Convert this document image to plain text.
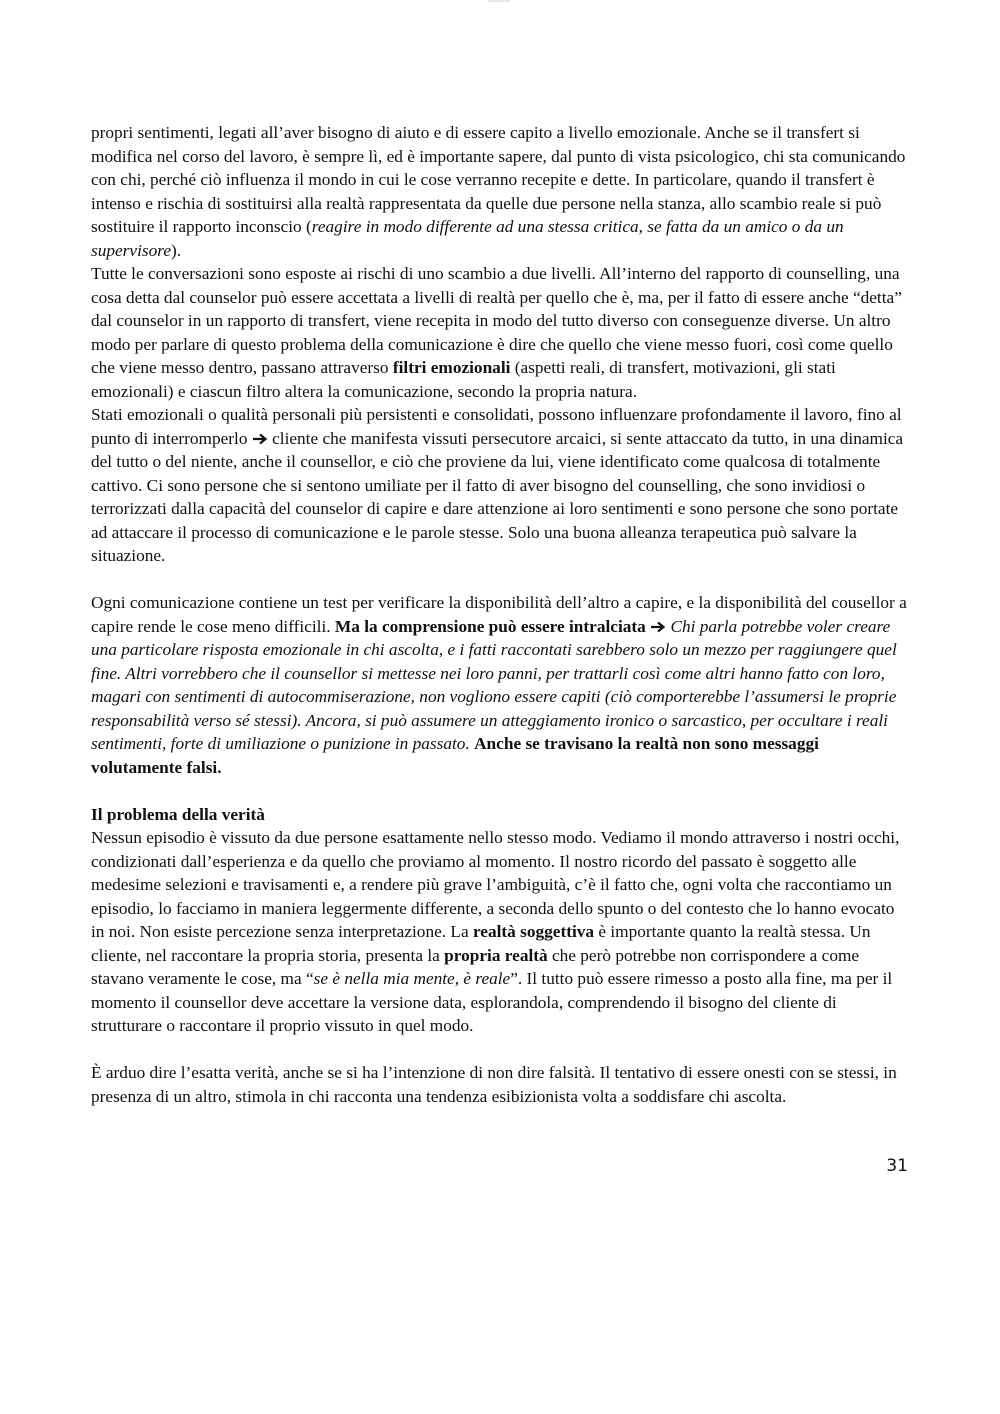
propri sentimenti, legati all’aver bisogno di aiuto e di essere capito a livello emozionale. Anche se il transfert si modifica nel corso del lavoro, è sempre lì, ed è importante sapere, dal punto di vista psicologico, chi sta comunicando con chi, perché ciò influenza il mondo in cui le cose verranno recepite e dette. In particolare, quando il transfert è intenso e rischia di sostituirsi alla realtà rappresentata da quelle due persone nella stanza, allo scambio reale si può sostituire il rapporto inconscio (reagire in modo differente ad una stessa critica, se fatta da un amico o da un supervisore).

Tutte le conversazioni sono esposte ai rischi di uno scambio a due livelli. All’interno del rapporto di counselling, una cosa detta dal counselor può essere accettata a livelli di realtà per quello che è, ma, per il fatto di essere anche “detta” dal counselor in un rapporto di transfert, viene recepita in modo del tutto diverso con conseguenze diverse. Un altro modo per parlare di questo problema della comunicazione è dire che quello che viene messo fuori, così come quello che viene messo dentro, passano attraverso filtri emozionali (aspetti reali, di transfert, motivazioni, gli stati emozionali) e ciascun filtro altera la comunicazione, secondo la propria natura.

Stati emozionali o qualità personali più persistenti e consolidati, possono influenzare profondamente il lavoro, fino al punto di interromperlo  cliente che manifesta vissuti persecutore arcaici, si sente attaccato da tutto, in una dinamica del tutto o del niente, anche il counsellor, e ciò che proviene da lui, viene identificato come qualcosa di totalmente cattivo. Ci sono persone che si sentono umiliate per il fatto di aver bisogno del counselling, che sono invidiosi o terrorizzati dalla capacità del counselor di capire e dare attenzione ai loro sentimenti e sono persone che sono portate ad attaccare il processo di comunicazione e le parole stesse. Solo una buona alleanza terapeutica può salvare la situazione.

Ogni comunicazione contiene un test per verificare la disponibilità dell’altro a capire, e la disponibilità del cousellor a capire rende le cose meno difficili. Ma la comprensione può essere intralciata  Chi parla potrebbe voler creare una particolare risposta emozionale in chi ascolta, e i fatti raccontati sarebbero solo un mezzo per raggiungere quel fine. Altri vorrebbero che il counsellor si mettesse nei loro panni, per trattarli così come altri hanno fatto con loro, magari con sentimenti di autocommiserazione, non vogliono essere capiti (ciò comporterebbe l’assumersi le proprie responsabilità verso sé stessi). Ancora, si può assumere un atteggiamento ironico o sarcastico, per occultare i reali sentimenti, forte di umiliazione o punizione in passato. Anche se travisano la realtà non sono messaggi volutamente falsi.

Il problema della verità

Nessun episodio è vissuto da due persone esattamente nello stesso modo. Vediamo il mondo attraverso i nostri occhi, condizionati dall’esperienza e da quello che proviamo al momento. Il nostro ricordo del passato è soggetto alle medesime selezioni e travisamenti e, a rendere più grave l’ambiguità, c’è il fatto che, ogni volta che raccontiamo un episodio, lo facciamo in maniera leggermente differente, a seconda dello spunto o del contesto che lo hanno evocato in noi. Non esiste percezione senza interpretazione. La realtà soggettiva è importante quanto la realtà stessa. Un cliente, nel raccontare la propria storia, presenta la propria realtà che però potrebbe non corrispondere a come stavano veramente le cose, ma “se è nella mia mente, è reale”. Il tutto può essere rimesso a posto alla fine, ma per il momento il counsellor deve accettare la versione data, esplorandola, comprendendo il bisogno del cliente di strutturare o raccontare il proprio vissuto in quel modo.

È arduo dire l’esatta verità, anche se si ha l’intenzione di non dire falsità. Il tentativo di essere onesti con se stessi, in presenza di un altro, stimola in chi racconta una tendenza esibizionista volta a soddisfare chi ascolta.

31
